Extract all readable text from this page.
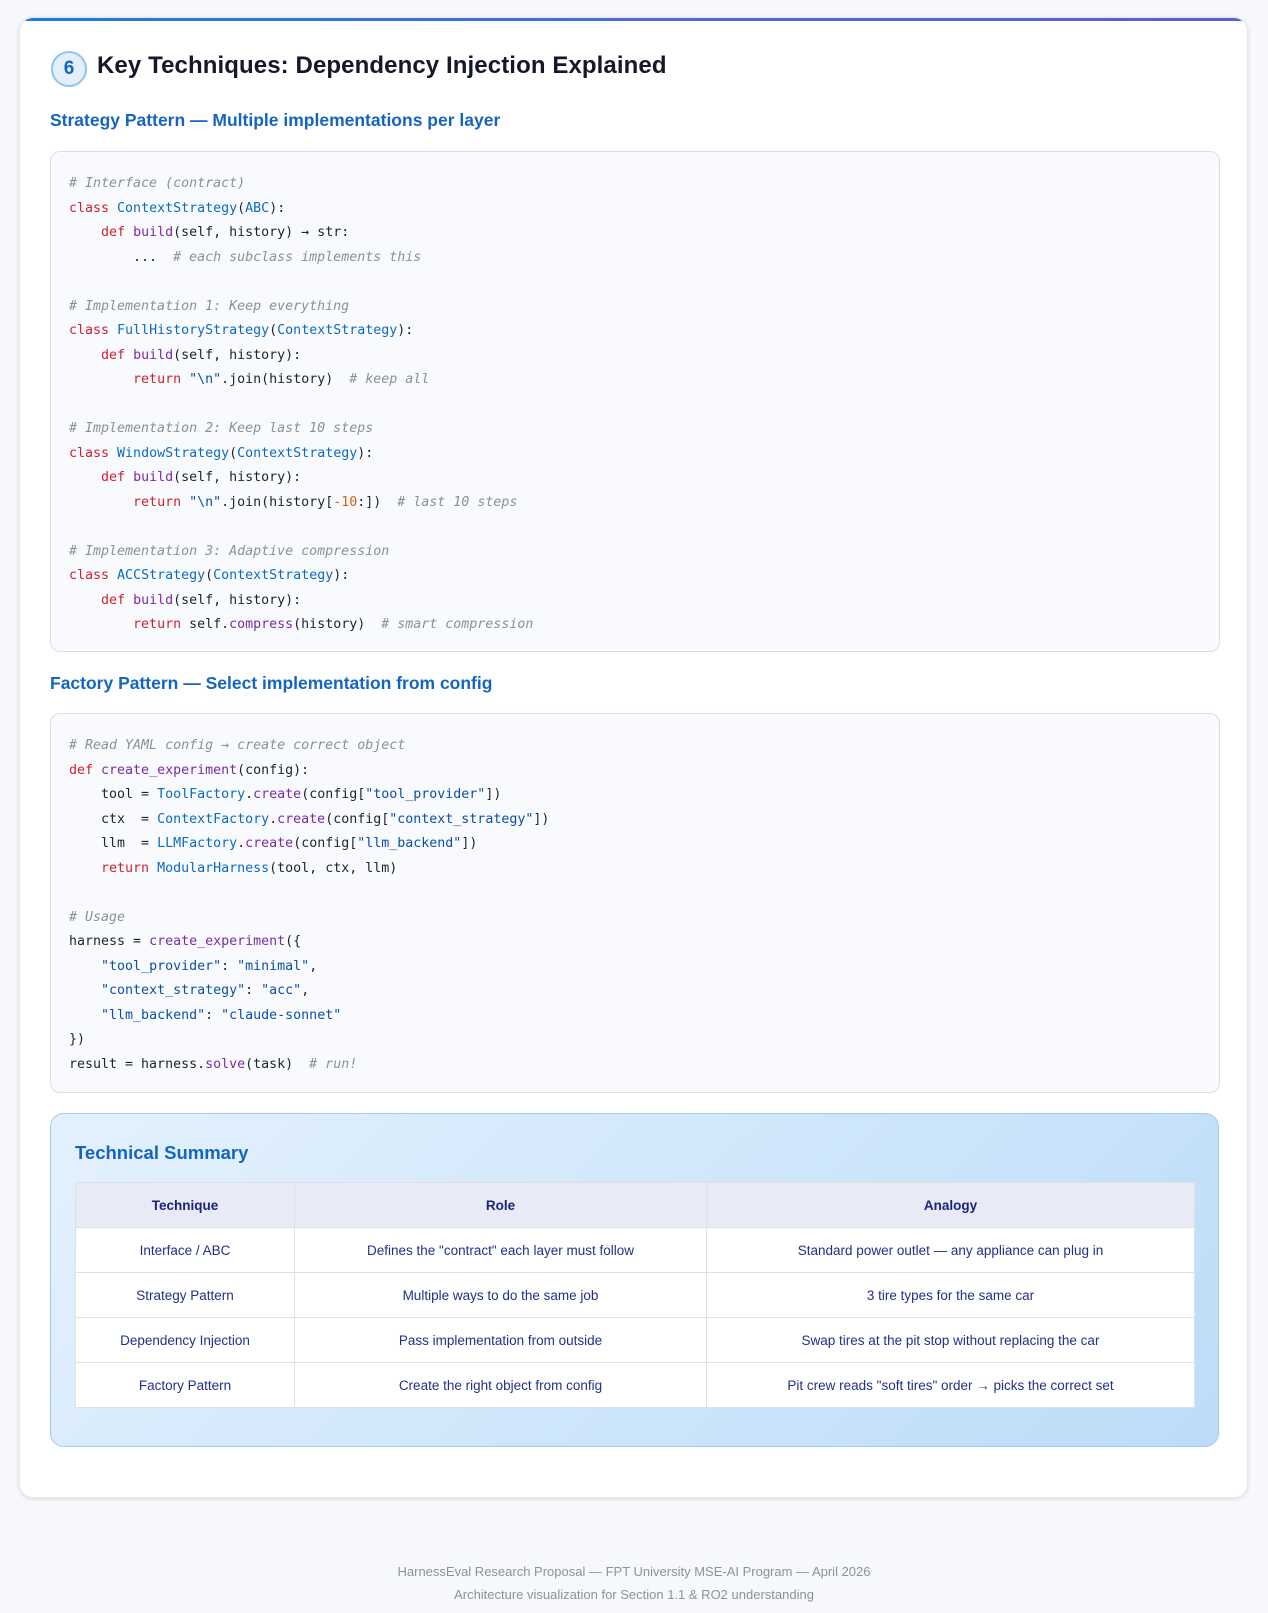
6 Key Techniques: Dependency Injection Explained
Strategy Pattern — Multiple implementations per layer
# Interface (contract)
class ContextStrategy(ABC):
def build(self, history) → str:
...  # each subclass implements this
# Implementation 1: Keep everything
class FullHistoryStrategy(ContextStrategy):
def build(self, history):
return "\n".join(history)  # keep all
# Implementation 2: Keep last 10 steps
class WindowStrategy(ContextStrategy):
def build(self, history):
return "\n".join(history[-10:])  # last 10 steps
# Implementation 3: Adaptive compression
class ACCStrategy(ContextStrategy):
def build(self, history):
return self.compress(history)  # smart compression
Factory Pattern — Select implementation from config
# Read YAML config → create correct object
def create_experiment(config):
tool = ToolFactory.create(config["tool_provider"])
ctx  = ContextFactory.create(config["context_strategy"])
llm  = LLMFactory.create(config["llm_backend"])
return ModularHarness(tool, ctx, llm)
# Usage
harness = create_experiment({
"tool_provider": "minimal",
"context_strategy": "acc",
"llm_backend": "claude-sonnet"
})
result = harness.solve(task)  # run!
Technical Summary
Technique	Role	Analogy
Interface / ABC	Defines the "contract" each layer must follow	Standard power outlet — any appliance can plug in
Strategy Pattern	Multiple ways to do the same job	3 tire types for the same car
Dependency Injection	Pass implementation from outside	Swap tires at the pit stop without replacing the car
Factory Pattern	Create the right object from config	Pit crew reads "soft tires" order → picks the correct set
HarnessEval Research Proposal — FPT University MSE-AI Program — April 2026
Architecture visualization for Section 1.1 & RO2 understanding
